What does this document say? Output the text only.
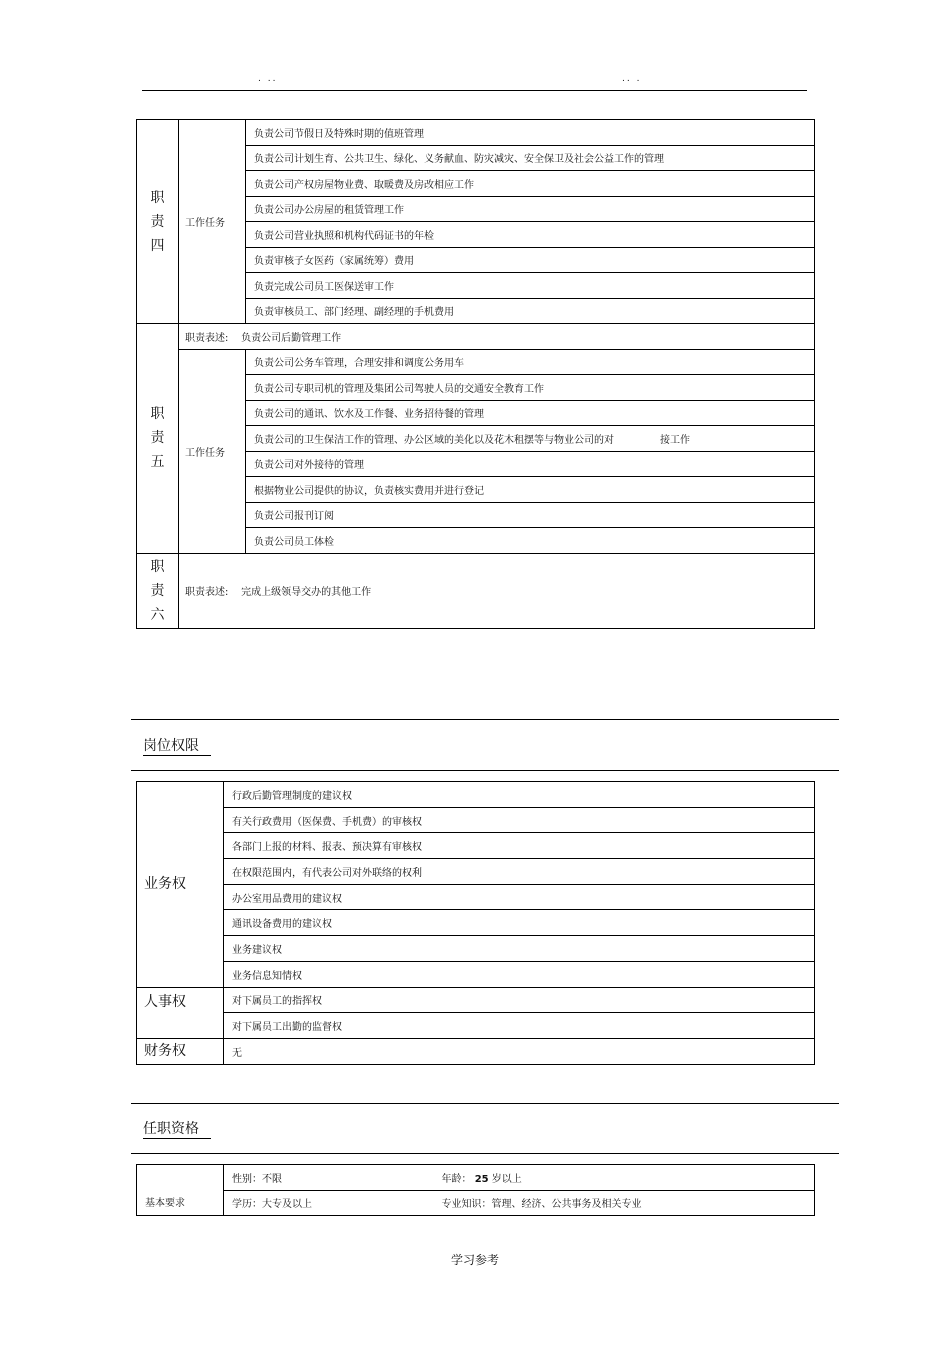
. ..	.. .
职
责
四	工作任务	负责公司节假日及特殊时期的值班管理
		负责公司计划生育、公共卫生、绿化、义务献血、防灾减灾、安全保卫及社会公益工作的管理
		负责公司产权房屋物业费、取暖费及房改相应工作
		负责公司办公房屋的租赁管理工作
		负责公司营业执照和机构代码证书的年检
		负责审核子女医药（家属统筹）费用
		负责完成公司员工医保送审工作
		负责审核员工、部门经理、副经理的手机费用
职
责
五	职责表述: 负责公司后勤管理工作	
	工作任务	负责公司公务车管理，合理安排和调度公务用车
		负责公司专职司机的管理及集团公司驾驶人员的交通安全教育工作
		负责公司的通讯、饮水及工作餐、业务招待餐的管理
		负责公司的卫生保洁工作的管理、办公区域的美化以及花木租摆等与物业公司的对 接工作
		负责公司对外接待的管理
		根据物业公司提供的协议，负责核实费用并进行登记
		负责公司报刊订阅
		负责公司员工体检
职
责
六	职责表述: 完成上级领导交办的其他工作	
岗位权限
业务权	行政后勤管理制度的建议权
	有关行政费用（医保费、手机费）的审核权
	各部门上报的材料、报表、预决算有审核权
	在权限范围内，有代表公司对外联络的权利
	办公室用品费用的建议权
	通讯设备费用的建议权
	业务建议权
	业务信息知情权
人事权	对下属员工的指挥权
	对下属员工出勤的监督权
财务权	无
任职资格
基本要求	性别：不限	年龄： 25 岁以上
	学历：大专及以上	专业知识：管理、经济、公共事务及相关专业
学习参考
